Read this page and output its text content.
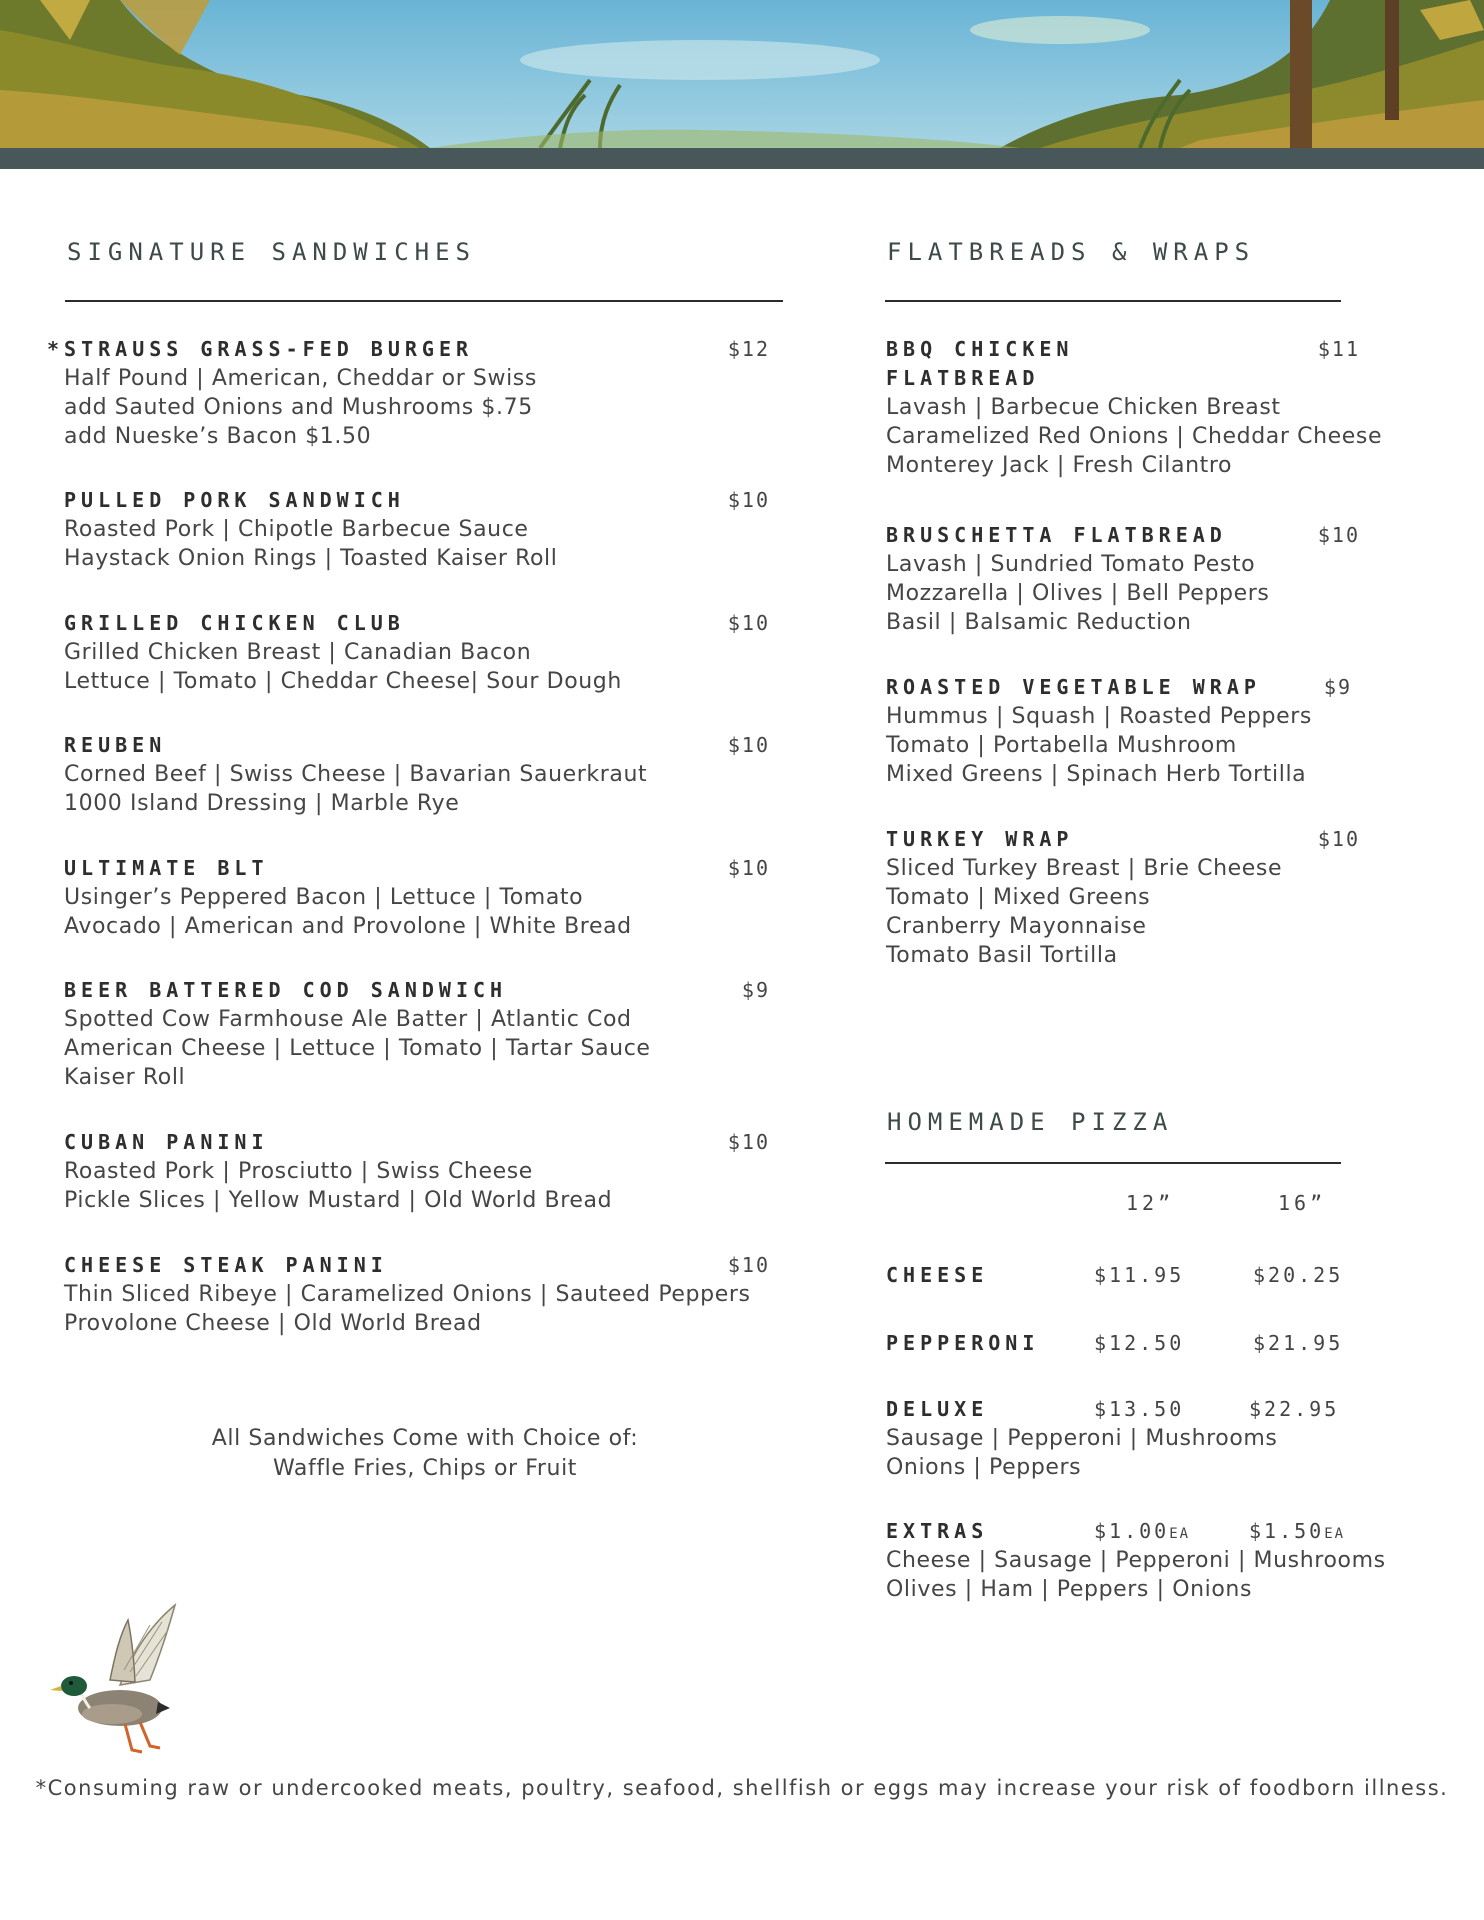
SIGNATURE SANDWICHES
*STRAUSS GRASS-FED BURGER
Half Pound | American, Cheddar or Swiss
add Sauted Onions and Mushrooms $.75
add Nueske’s Bacon $1.50
$12
PULLED PORK SANDWICH
Roasted Pork | Chipotle Barbecue Sauce
Haystack Onion Rings | Toasted Kaiser Roll
$10
GRILLED CHICKEN CLUB
Grilled Chicken Breast | Canadian Bacon
Lettuce | Tomato | Cheddar Cheese| Sour Dough
$10
REUBEN
Corned Beef | Swiss Cheese | Bavarian Sauerkraut
1000 Island Dressing | Marble Rye
$10
ULTIMATE BLT
Usinger’s Peppered Bacon | Lettuce | Tomato
Avocado | American and Provolone | White Bread
$10
BEER BATTERED COD SANDWICH
Spotted Cow Farmhouse Ale Batter | Atlantic Cod
American Cheese | Lettuce | Tomato | Tartar Sauce
Kaiser Roll
$9
CUBAN PANINI
Roasted Pork | Prosciutto | Swiss Cheese
Pickle Slices | Yellow Mustard | Old World Bread
$10
CHEESE STEAK PANINI
Thin Sliced Ribeye | Caramelized Onions | Sauteed Peppers
Provolone Cheese | Old World Bread
$10
All Sandwiches Come with Choice of:
Waffle Fries, Chips or Fruit
FLATBREADS & WRAPS
BBQ CHICKEN
FLATBREAD
Lavash | Barbecue Chicken Breast
Caramelized Red Onions | Cheddar Cheese
Monterey Jack | Fresh Cilantro
$11
BRUSCHETTA FLATBREAD
Lavash | Sundried Tomato Pesto
Mozzarella | Olives | Bell Peppers
Basil | Balsamic Reduction
$10
ROASTED VEGETABLE WRAP
Hummus | Squash | Roasted Peppers
Tomato | Portabella Mushroom
Mixed Greens | Spinach Herb Tortilla
$9
TURKEY WRAP
Sliced Turkey Breast | Brie Cheese
Tomato | Mixed Greens
Cranberry Mayonnaise
Tomato Basil Tortilla
$10
HOMEMADE PIZZA
12”	16”
CHEESE	$11.95	$20.25
PEPPERONI	$12.50	$21.95
DELUXE
Sausage | Pepperoni | Mushrooms
Onions | Peppers
$13.50	$22.95
EXTRAS
Cheese | Sausage | Pepperoni | Mushrooms
Olives | Ham | Peppers | Onions
$1.00EA	$1.50EA
*Consuming raw or undercooked meats, poultry, seafood, shellfish or eggs may increase your risk of foodborn illness.
